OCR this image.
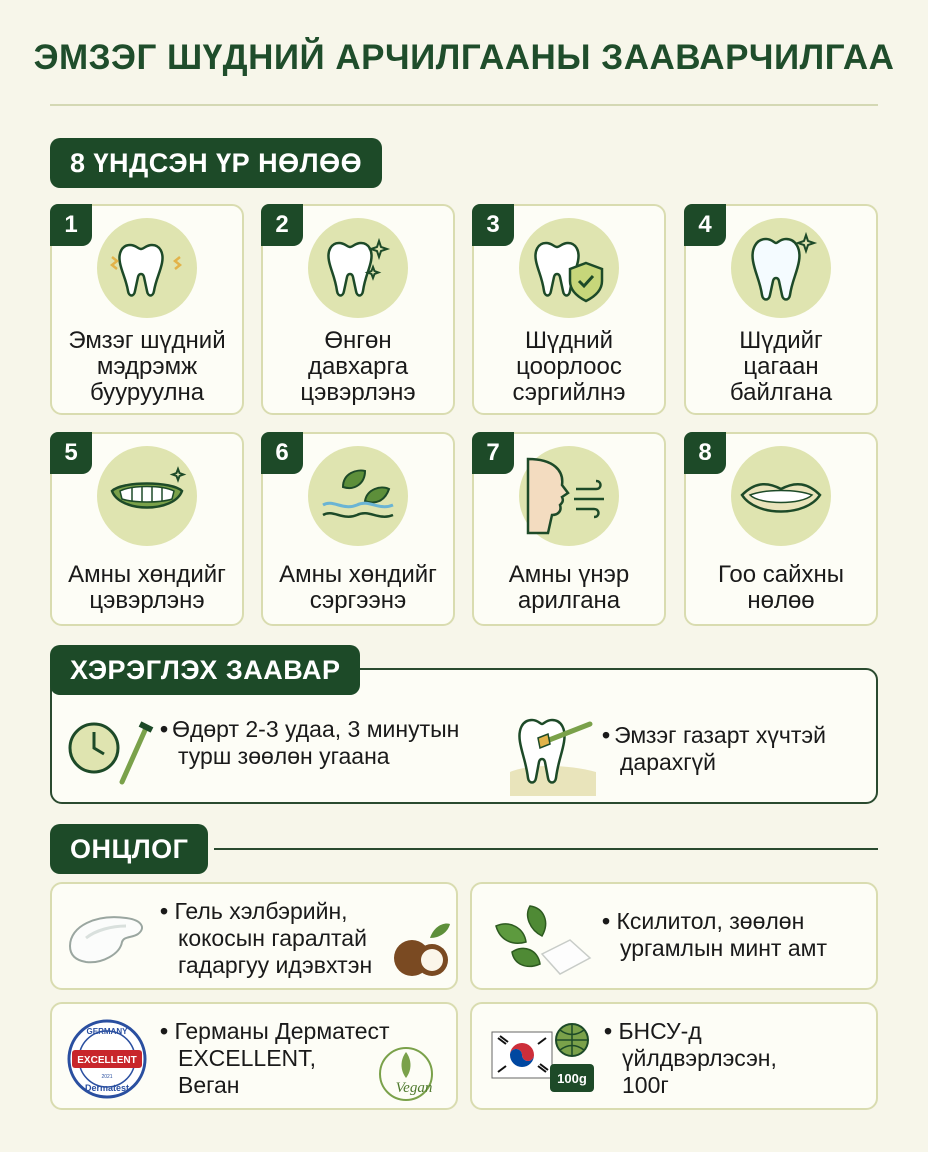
ЭМЗЭГ ШҮДНИЙ АРЧИЛГААНЫ ЗААВАРЧИЛГАА
8 ҮНДСЭН ҮР НӨЛӨӨ
1
Эмзэг шүдний
мэдрэмж
бууруулна
2
Өнгөн
давхарга
цэвэрлэнэ
3
Шүдний
цоорлоос
сэргийлнэ
4
Шүдийг
цагаан
байлгана
5
Амны хөндийг
цэвэрлэнэ
6
Амны хөндийг
сэргээнэ
7
Амны үнэр
арилгана
8
Гоо сайхны
нөлөө
ХЭРЭГЛЭХ ЗААВАР
• Өдөрт 2-3 удаа, 3 минутын
турш зөөлөн угаана
• Эмзэг газарт хүчтэй
дарахгүй
ОНЦЛОГ
• Гель хэлбэрийн,
кокосын гаралтай
гадаргуу идэвхтэн
• Ксилитол, зөөлөн
ургамлын минт амт
GERMANY
EXCELLENT
2021
Dermatest
• Германы Дерматест
EXCELLENT,
Веган	Vegan
100g
• БНСУ-д
үйлдвэрлэсэн,
100г
